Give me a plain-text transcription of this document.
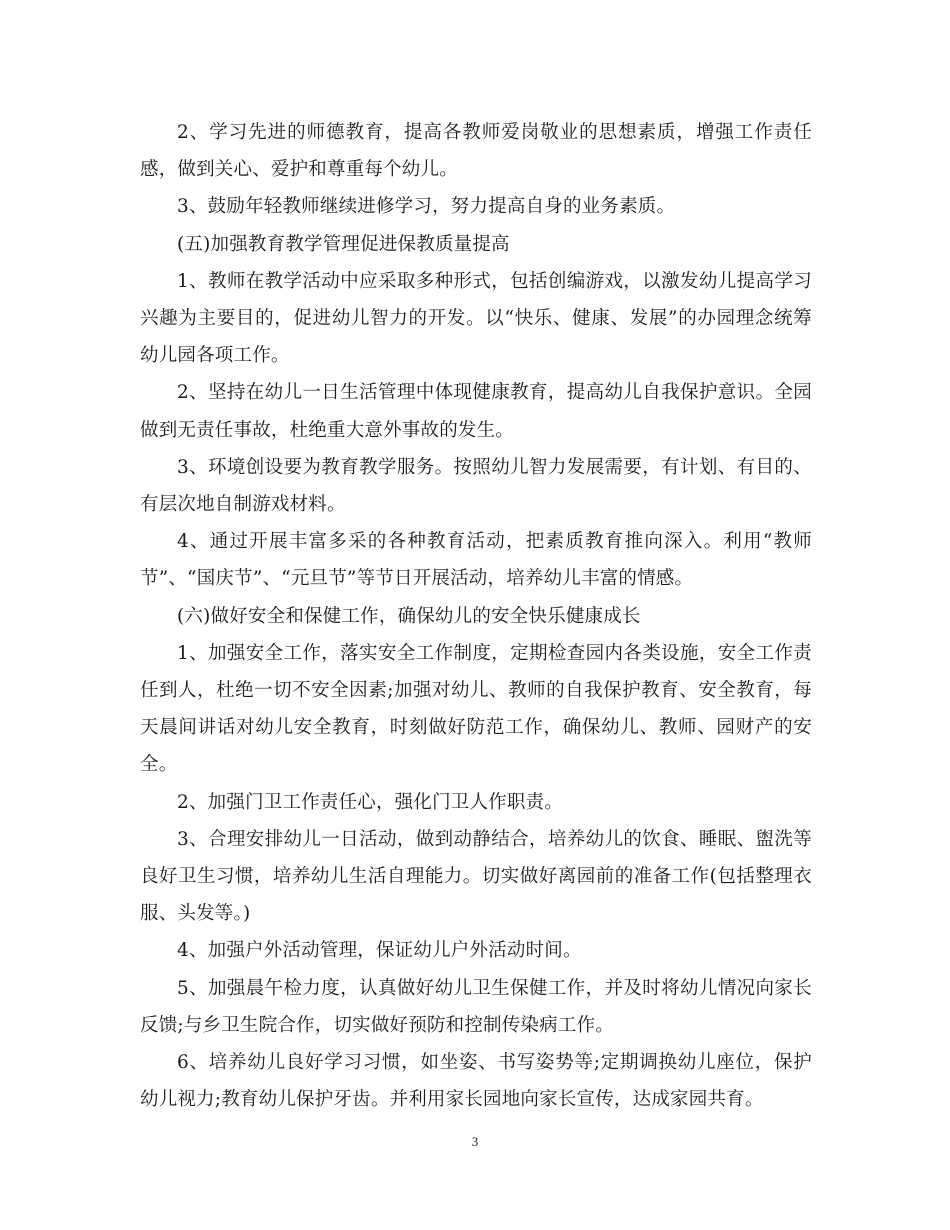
2、学习先进的师德教育，提高各教师爱岗敬业的思想素质，增强工作责任感，做到关心、爱护和尊重每个幼儿。

3、鼓励年轻教师继续进修学习，努力提高自身的业务素质。

(五)加强教育教学管理促进保教质量提高

1、教师在教学活动中应采取多种形式，包括创编游戏，以激发幼儿提高学习兴趣为主要目的，促进幼儿智力的开发。以“快乐、健康、发展”的办园理念统筹幼儿园各项工作。

2、坚持在幼儿一日生活管理中体现健康教育，提高幼儿自我保护意识。全园做到无责任事故，杜绝重大意外事故的发生。

3、环境创设要为教育教学服务。按照幼儿智力发展需要，有计划、有目的、有层次地自制游戏材料。

4、通过开展丰富多采的各种教育活动，把素质教育推向深入。利用“教师节”、“国庆节”、“元旦节”等节日开展活动，培养幼儿丰富的情感。

(六)做好安全和保健工作，确保幼儿的安全快乐健康成长

1、加强安全工作，落实安全工作制度，定期检查园内各类设施，安全工作责任到人，杜绝一切不安全因素;加强对幼儿、教师的自我保护教育、安全教育，每天晨间讲话对幼儿安全教育，时刻做好防范工作，确保幼儿、教师、园财产的安全。

2、加强门卫工作责任心，强化门卫人作职责。

3、合理安排幼儿一日活动，做到动静结合，培养幼儿的饮食、睡眠、盥洗等良好卫生习惯，培养幼儿生活自理能力。切实做好离园前的准备工作(包括整理衣服、头发等。)

4、加强户外活动管理，保证幼儿户外活动时间。

5、加强晨午检力度，认真做好幼儿卫生保健工作，并及时将幼儿情况向家长反馈;与乡卫生院合作，切实做好预防和控制传染病工作。

6、培养幼儿良好学习习惯，如坐姿、书写姿势等;定期调换幼儿座位，保护幼儿视力;教育幼儿保护牙齿。并利用家长园地向家长宣传，达成家园共育。

3
